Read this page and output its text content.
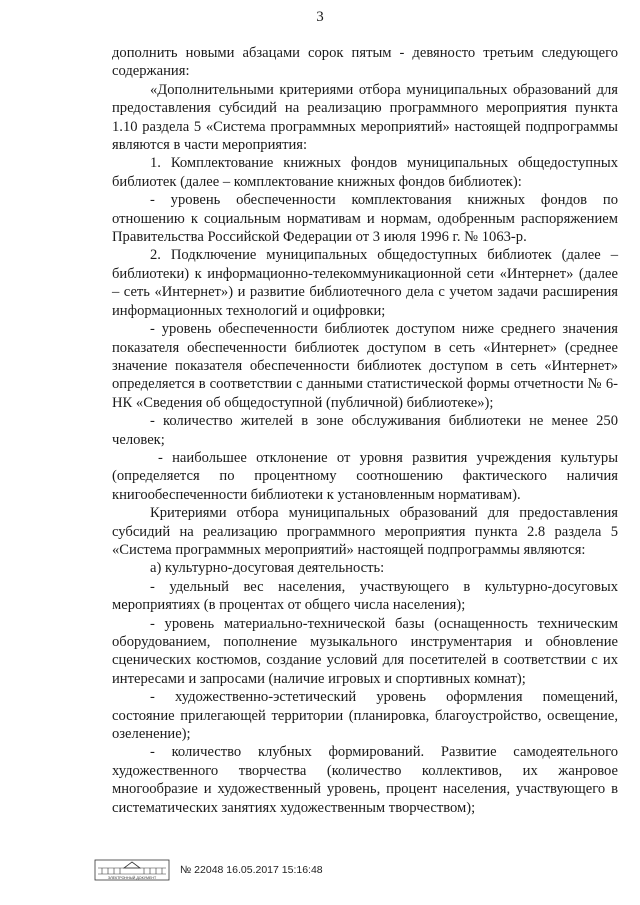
3

дополнить новыми абзацами сорок пятым - девяносто третьим следующего содержания:

«Дополнительными критериями отбора муниципальных образований для предоставления субсидий на реализацию программного мероприятия пункта 1.10 раздела 5 «Система программных мероприятий» настоящей подпрограммы являются в части мероприятия:

1. Комплектование книжных фондов муниципальных общедоступных библиотек (далее – комплектование книжных фондов библиотек):

- уровень обеспеченности комплектования книжных фондов по отношению к социальным нормативам и нормам, одобренным распоряжением Правительства Российской Федерации от 3 июля 1996 г. № 1063-р.

2. Подключение муниципальных общедоступных библиотек (далее – библиотеки) к информационно-телекоммуникационной сети «Интернет» (далее – сеть «Интернет») и развитие библиотечного дела с учетом задачи расширения информационных технологий и оцифровки;

- уровень обеспеченности библиотек доступом ниже среднего значения показателя обеспеченности библиотек доступом в сеть «Интернет» (среднее значение показателя обеспеченности библиотек доступом в сеть «Интернет» определяется в соответствии с данными статистической формы отчетности № 6-НК «Сведения об общедоступной (публичной) библиотеке»);

- количество жителей в зоне обслуживания библиотеки не менее 250 человек;

- наибольшее отклонение от уровня развития учреждения культуры (определяется по процентному соотношению фактического наличия книгообеспеченности библиотеки к установленным нормативам).

Критериями отбора муниципальных образований для предоставления субсидий на реализацию программного мероприятия пункта 2.8 раздела 5 «Система программных мероприятий» настоящей подпрограммы являются:

а) культурно-досуговая деятельность:

- удельный вес населения, участвующего в культурно-досуговых мероприятиях (в процентах от общего числа населения);

- уровень материально-технической базы (оснащенность техническим оборудованием, пополнение музыкального инструментария и обновление сценических костюмов, создание условий для посетителей в соответствии с их интересами и запросами (наличие игровых и спортивных комнат);

- художественно-эстетический уровень оформления помещений, состояние прилегающей территории (планировка, благоустройство, освещение, озеленение);

- количество клубных формирований. Развитие самодеятельного художественного творчества (количество коллективов, их жанровое многообразие и художественный уровень, процент населения, участвующего в систематических занятиях художественным творчеством);

ЭЛЕКТРОННЫЙ ДОКУМЕНТ
№ 22048 16.05.2017 15:16:48
